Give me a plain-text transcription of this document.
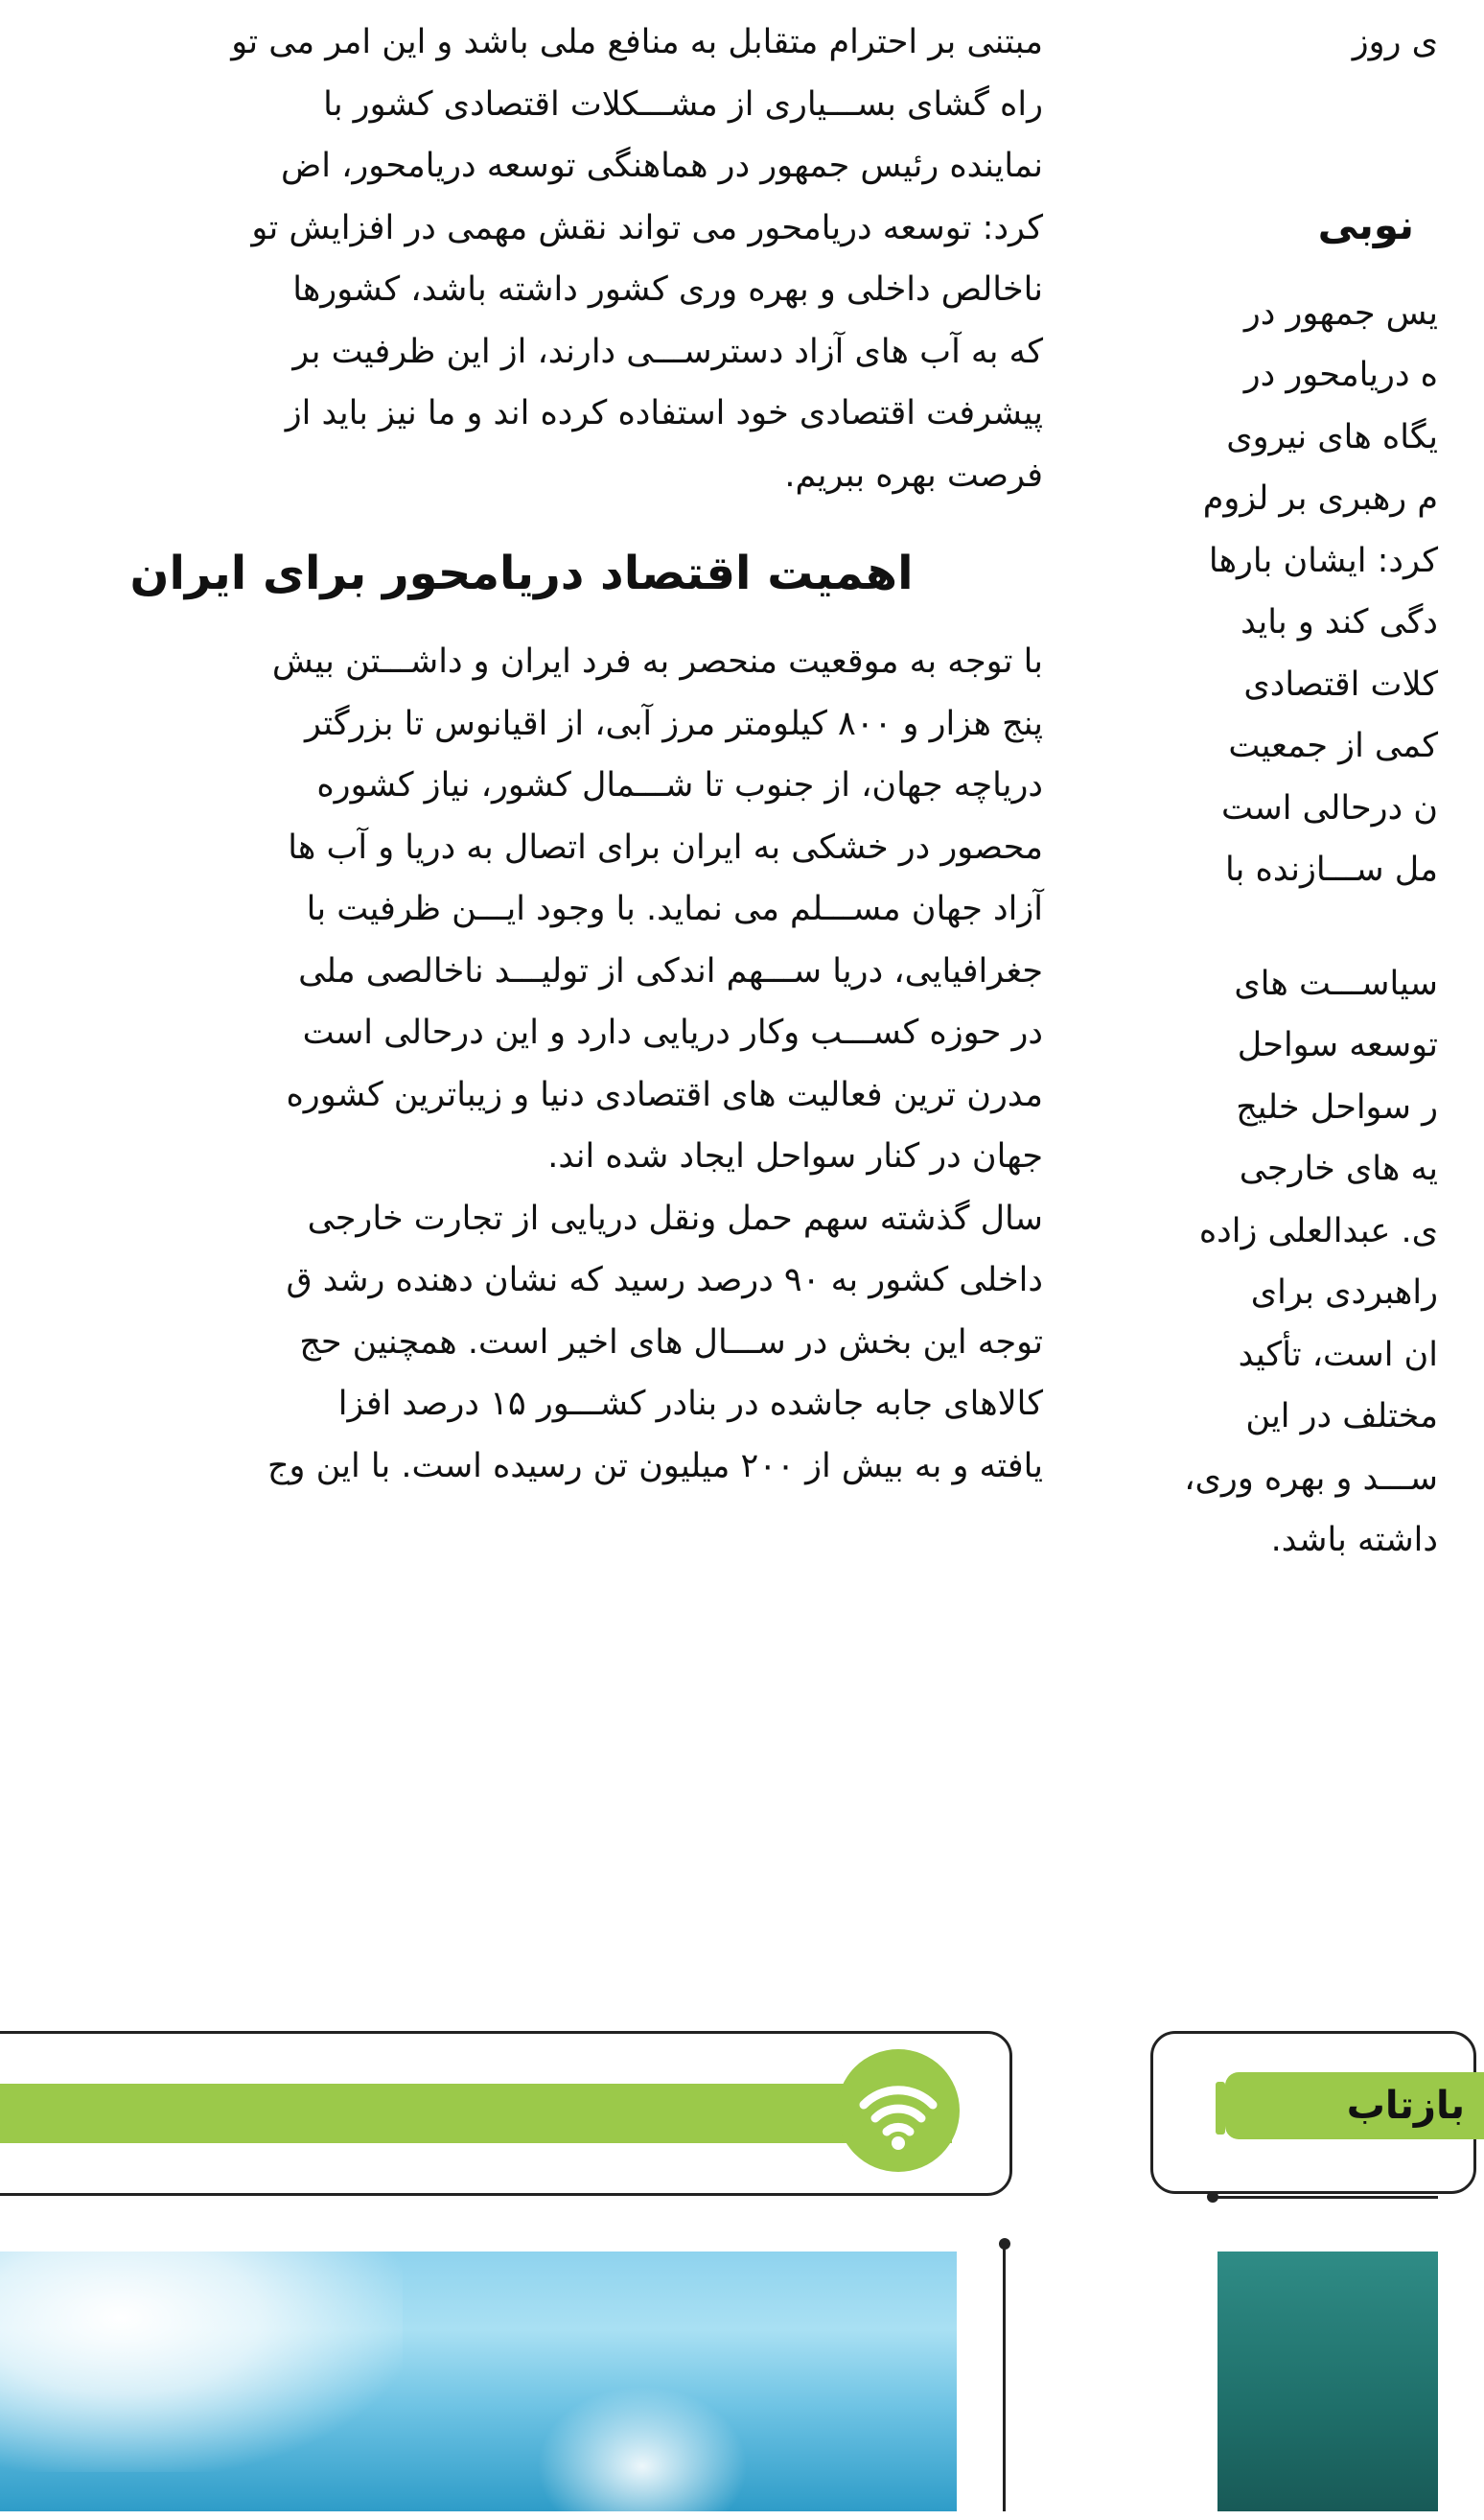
مبتنی بر احترام متقابل به منافع ملی باشد و این امر می تو
راه گشای بســـیاری از مشـــکلات اقتصادی کشور با
نماینده رئیس جمهور در هماهنگی توسعه دریامحور، اض
کرد: توسعه دریامحور می تواند نقش مهمی در افزایش تو
ناخالص داخلی و بهره وری کشور داشته باشد، کشورها
که به آب های آزاد دسترســـی دارند، از این ظرفیت بر
پیشرفت اقتصادی خود استفاده کرده اند و ما نیز باید از
فرصت بهره ببریم.
اهمیت اقتصاد دریامحور برای ایران
با توجه به موقعیت منحصر به فرد ایران و داشـــتن بیش
پنج هزار و ۸۰۰ کیلومتر مرز آبی، از اقیانوس تا بزرگتر
دریاچه جهان، از جنوب تا شـــمال کشور، نیاز کشوره
محصور در خشکی به ایران برای اتصال به دریا و آب ها
آزاد جهان مســـلم می نماید. با وجود ایـــن ظرفیت با
جغرافیایی، دریا ســـهم اندکی از تولیـــد ناخالصی ملی
در حوزه کســـب وکار دریایی دارد و این درحالی است
مدرن ترین فعالیت های اقتصادی دنیا و زیباترین کشوره
جهان در کنار سواحل ایجاد شده اند.
سال گذشته سهم حمل ونقل دریایی از تجارت خارجی
داخلی کشور به ۹۰ درصد رسید که نشان دهنده رشد ق
توجه این بخش در ســـال های اخیر است. همچنین حج
کالاهای جابه جاشده در بنادر کشـــور ۱۵ درصد افزا
یافته و به بیش از ۲۰۰ میلیون تن رسیده است. با این وج
ی روز
نوبی
یس جمهور در
ه دریامحور در
یگاه های نیروی
م رهبری بر لزوم
کرد: ایشان بارها
دگی کند و باید
کلات اقتصادی
کمی از جمعیت
ن درحالی است
مل ســـازنده با
سیاســـت های
توسعه سواحل
ر سواحل خلیج
یه های خارجی
ی. عبدالعلی زاده
راهبردی برای
ان است، تأکید
مختلف در این
ســـد و بهره وری،
داشته باشد.
بازتاب
